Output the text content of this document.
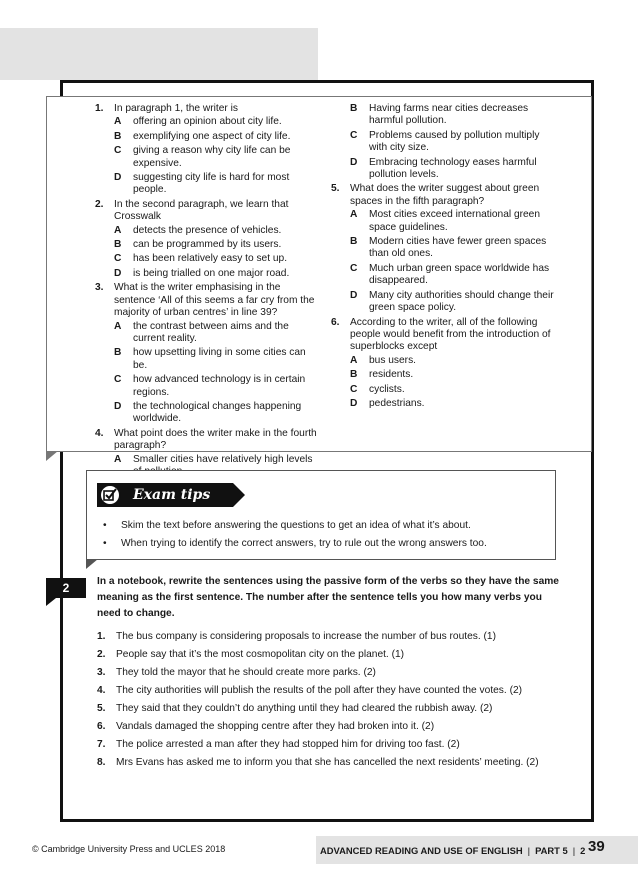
1.	In paragraph 1, the writer is
A	offering an opinion about city life.
B	exemplifying one aspect of city life.
C	giving a reason why city life can be expensive.
D	suggesting city life is hard for most people.
2.	In the second paragraph, we learn that Crosswalk
A	detects the presence of vehicles.
B	can be programmed by its users.
C	has been relatively easy to set up.
D	is being trialled on one major road.
3.	What is the writer emphasising in the sentence ‘All of this seems a far cry from the majority of urban centres’ in line 39?
A	the contrast between aims and the current reality.
B	how upsetting living in some cities can be.
C	how advanced technology is in certain regions.
D	the technological changes happening worldwide.
4.	What point does the writer make in the fourth paragraph?
A	Smaller cities have relatively high levels
B	Having farms near cities decreases harmful pollution.
C	Problems caused by pollution multiply with city size.
D	Embracing technology eases harmful pollution levels.
5.	What does the writer suggest about green spaces in the fifth paragraph?
A	Most cities exceed international green space guidelines.
B	Modern cities have fewer green spaces than old ones.
C	Much urban green space worldwide has disappeared.
D	Many city authorities should change their green space policy.
6.	According to the writer, all of the following people would benefit from the introduction of superblocks except
A	bus users.
B	residents.
C	cyclists.
D	pedestrians.
Exam tips
•	Skim the text before answering the questions to get an idea of what it’s about.
•	When trying to identify the correct answers, try to rule out the wrong answers too.
2	In a notebook, rewrite the sentences using the passive form of the verbs so they have the same meaning as the first sentence. The number after the sentence tells you how many verbs you need to change.
1.	The bus company is considering proposals to increase the number of bus routes. (1)
2.	People say that it’s the most cosmopolitan city on the planet. (1)
3.	They told the mayor that he should create more parks. (2)
4.	The city authorities will publish the results of the poll after they have counted the votes. (2)
5.	They said that they couldn’t do anything until they had cleared the rubbish away. (2)
6.	Vandals damaged the shopping centre after they had broken into it. (2)
7.	The police arrested a man after they had stopped him for driving too fast. (2)
8.	Mrs Evans has asked me to inform you that she has cancelled the next residents’ meeting. (2)
© Cambridge University Press and UCLES 2018	ADVANCED READING AND USE OF ENGLISH | PART 5 | 2 39
